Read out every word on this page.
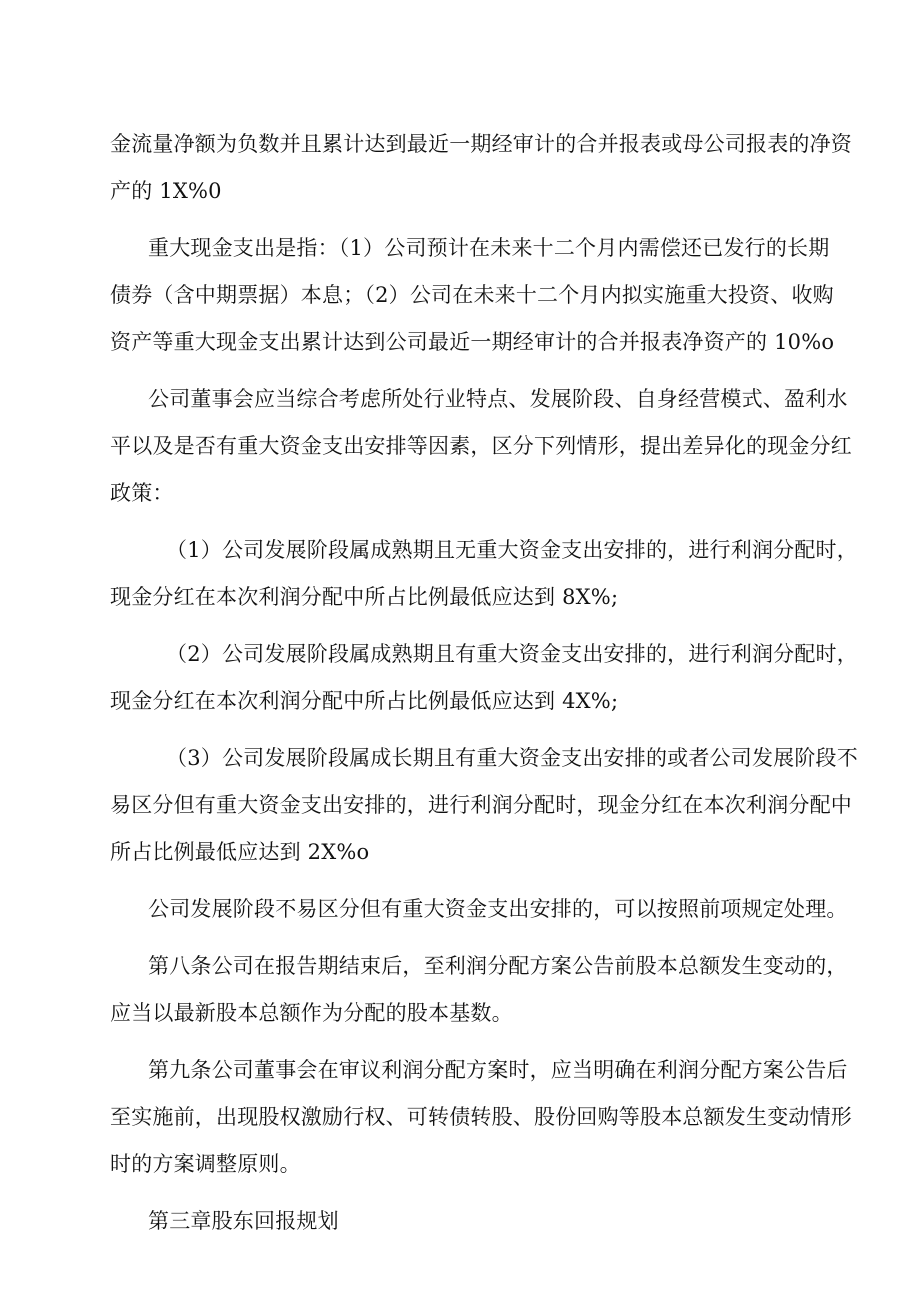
金流量净额为负数并且累计达到最近一期经审计的合并报表或母公司报表的净资
产的 1X%0
重大现金支出是指：（1）公司预计在未来十二个月内需偿还已发行的长期
债券（含中期票据）本息；（2）公司在未来十二个月内拟实施重大投资、收购
资产等重大现金支出累计达到公司最近一期经审计的合并报表净资产的 10%o
公司董事会应当综合考虑所处行业特点、发展阶段、自身经营模式、盈利水
平以及是否有重大资金支出安排等因素，区分下列情形，提出差异化的现金分红
政策：
（1）公司发展阶段属成熟期且无重大资金支出安排的，进行利润分配时，
现金分红在本次利润分配中所占比例最低应达到 8X%;
（2）公司发展阶段属成熟期且有重大资金支出安排的，进行利润分配时，
现金分红在本次利润分配中所占比例最低应达到 4X%;
（3）公司发展阶段属成长期且有重大资金支出安排的或者公司发展阶段不
易区分但有重大资金支出安排的，进行利润分配时，现金分红在本次利润分配中
所占比例最低应达到 2X%o
公司发展阶段不易区分但有重大资金支出安排的，可以按照前项规定处理。
第八条公司在报告期结束后，至利润分配方案公告前股本总额发生变动的，
应当以最新股本总额作为分配的股本基数。
第九条公司董事会在审议利润分配方案时，应当明确在利润分配方案公告后
至实施前，出现股权激励行权、可转债转股、股份回购等股本总额发生变动情形
时的方案调整原则。
第三章股东回报规划
